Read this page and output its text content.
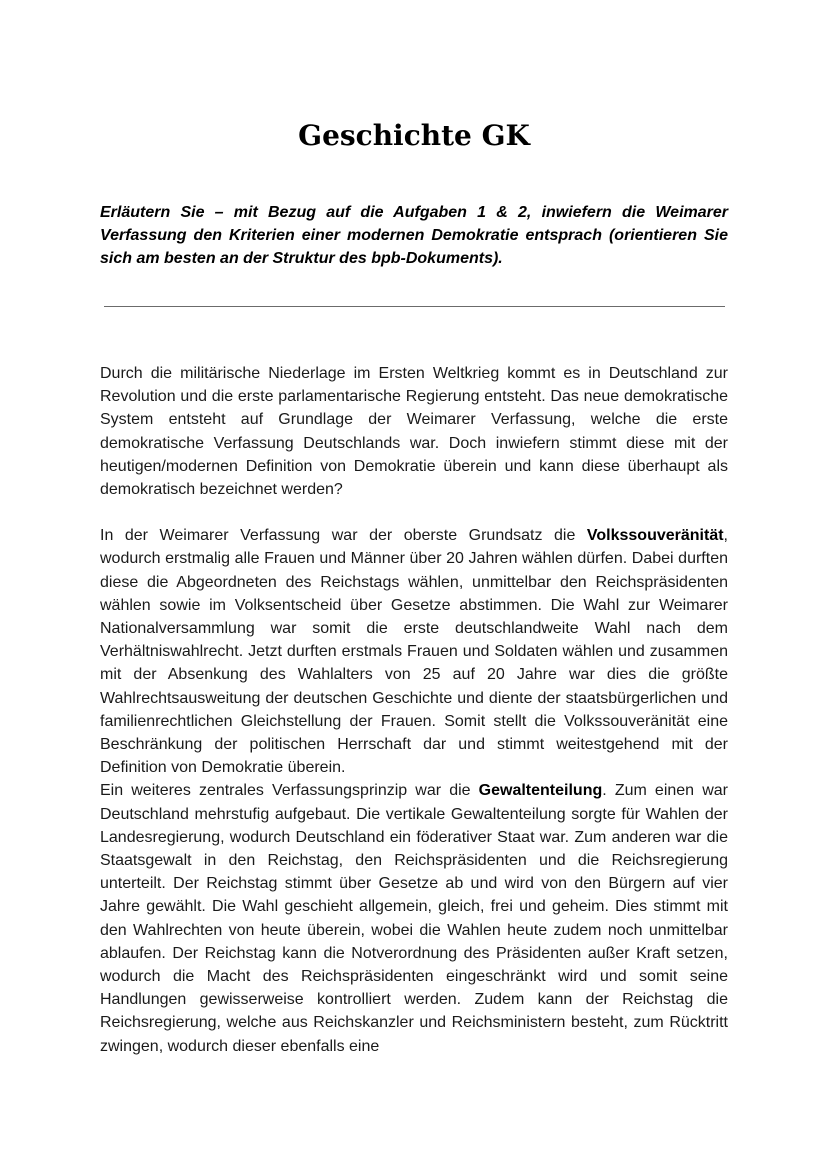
Geschichte GK

Erläutern Sie – mit Bezug auf die Aufgaben 1 & 2, inwiefern die Weimarer Verfassung den Kriterien einer modernen Demokratie entsprach (orientieren Sie sich am besten an der Struktur des bpb-Dokuments).

Durch die militärische Niederlage im Ersten Weltkrieg kommt es in Deutschland zur Revolution und die erste parlamentarische Regierung entsteht. Das neue demokratische System entsteht auf Grundlage der Weimarer Verfassung, welche die erste demokratische Verfassung Deutschlands war. Doch inwiefern stimmt diese mit der heutigen/modernen Definition von Demokratie überein und kann diese überhaupt als demokratisch bezeichnet werden?

In der Weimarer Verfassung war der oberste Grundsatz die Volkssouveränität, wodurch erstmalig alle Frauen und Männer über 20 Jahren wählen dürfen. Dabei durften diese die Abgeordneten des Reichstags wählen, unmittelbar den Reichspräsidenten wählen sowie im Volksentscheid über Gesetze abstimmen. Die Wahl zur Weimarer Nationalversammlung war somit die erste deutschlandweite Wahl nach dem Verhältniswahlrecht. Jetzt durften erstmals Frauen und Soldaten wählen und zusammen mit der Absenkung des Wahlalters von 25 auf 20 Jahre war dies die größte Wahlrechtsausweitung der deutschen Geschichte und diente der staatsbürgerlichen und familienrechtlichen Gleichstellung der Frauen. Somit stellt die Volkssouveränität eine Beschränkung der politischen Herrschaft dar und stimmt weitestgehend mit der Definition von Demokratie überein.

Ein weiteres zentrales Verfassungsprinzip war die Gewaltenteilung. Zum einen war Deutschland mehrstufig aufgebaut. Die vertikale Gewaltenteilung sorgte für Wahlen der Landesregierung, wodurch Deutschland ein föderativer Staat war. Zum anderen war die Staatsgewalt in den Reichstag, den Reichspräsidenten und die Reichsregierung unterteilt. Der Reichstag stimmt über Gesetze ab und wird von den Bürgern auf vier Jahre gewählt. Die Wahl geschieht allgemein, gleich, frei und geheim. Dies stimmt mit den Wahlrechten von heute überein, wobei die Wahlen heute zudem noch unmittelbar ablaufen. Der Reichstag kann die Notverordnung des Präsidenten außer Kraft setzen, wodurch die Macht des Reichspräsidenten eingeschränkt wird und somit seine Handlungen gewisserweise kontrolliert werden. Zudem kann der Reichstag die Reichsregierung, welche aus Reichskanzler und Reichsministern besteht, zum Rücktritt zwingen, wodurch dieser ebenfalls eine
